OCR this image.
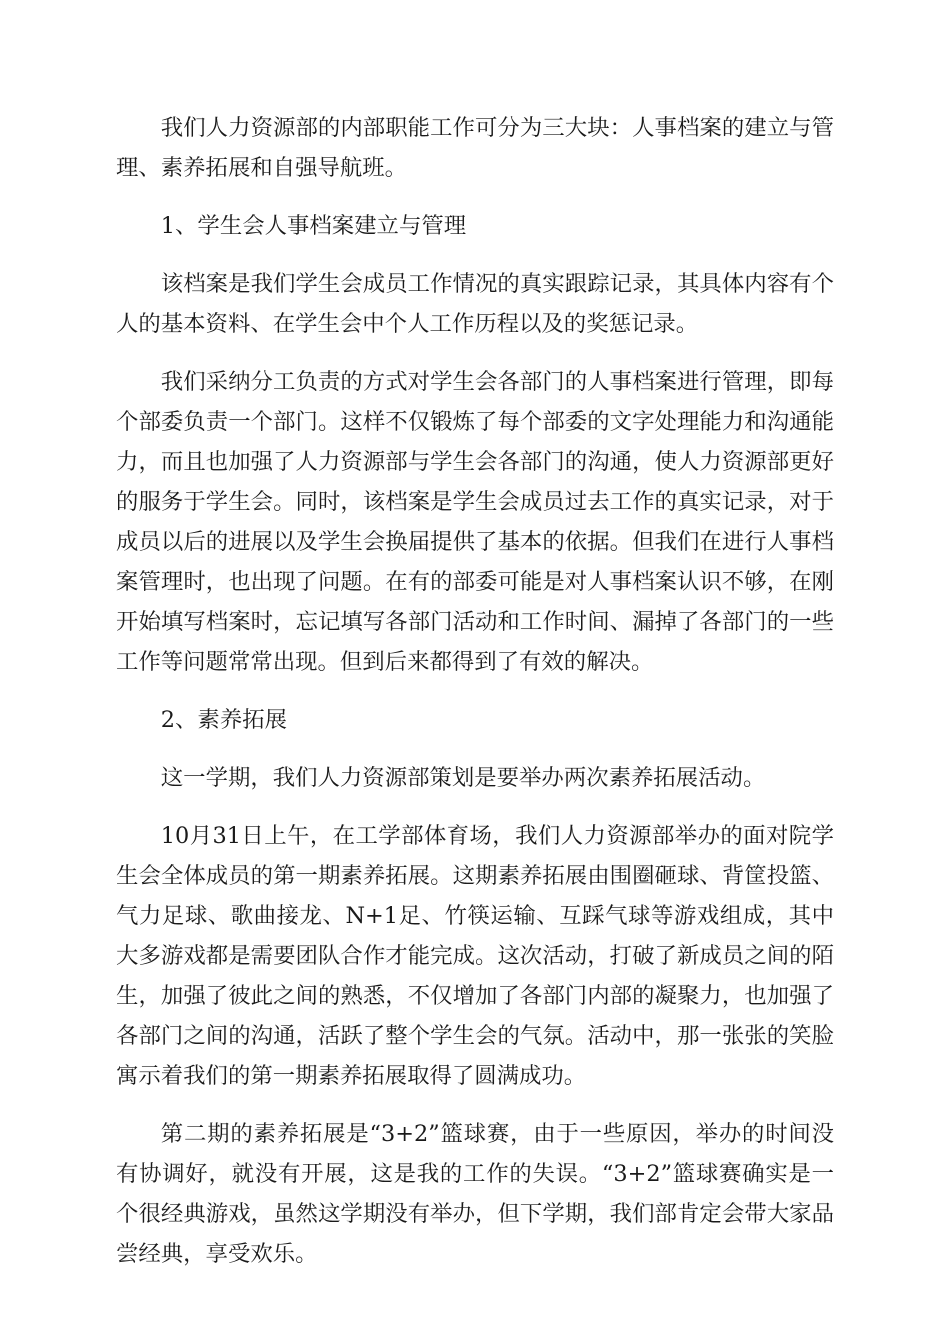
我们人力资源部的内部职能工作可分为三大块：人事档案的建立与管理、素养拓展和自强导航班。

1、学生会人事档案建立与管理

该档案是我们学生会成员工作情况的真实跟踪记录，其具体内容有个人的基本资料、在学生会中个人工作历程以及的奖惩记录。

我们采纳分工负责的方式对学生会各部门的人事档案进行管理，即每个部委负责一个部门。这样不仅锻炼了每个部委的文字处理能力和沟通能力，而且也加强了人力资源部与学生会各部门的沟通，使人力资源部更好的服务于学生会。同时，该档案是学生会成员过去工作的真实记录，对于成员以后的进展以及学生会换届提供了基本的依据。但我们在进行人事档案管理时，也出现了问题。在有的部委可能是对人事档案认识不够，在刚开始填写档案时，忘记填写各部门活动和工作时间、漏掉了各部门的一些工作等问题常常出现。但到后来都得到了有效的解决。

2、素养拓展

这一学期，我们人力资源部策划是要举办两次素养拓展活动。

10月31日上午，在工学部体育场，我们人力资源部举办的面对院学生会全体成员的第一期素养拓展。这期素养拓展由围圈砸球、背筐投篮、气力足球、歌曲接龙、N+1足、竹筷运输、互踩气球等游戏组成，其中大多游戏都是需要团队合作才能完成。这次活动，打破了新成员之间的陌生，加强了彼此之间的熟悉，不仅增加了各部门内部的凝聚力，也加强了各部门之间的沟通，活跃了整个学生会的气氛。活动中，那一张张的笑脸寓示着我们的第一期素养拓展取得了圆满成功。

第二期的素养拓展是“3+2”篮球赛，由于一些原因，举办的时间没有协调好，就没有开展，这是我的工作的失误。“3+2”篮球赛确实是一个很经典游戏，虽然这学期没有举办，但下学期，我们部肯定会带大家品尝经典，享受欢乐。
